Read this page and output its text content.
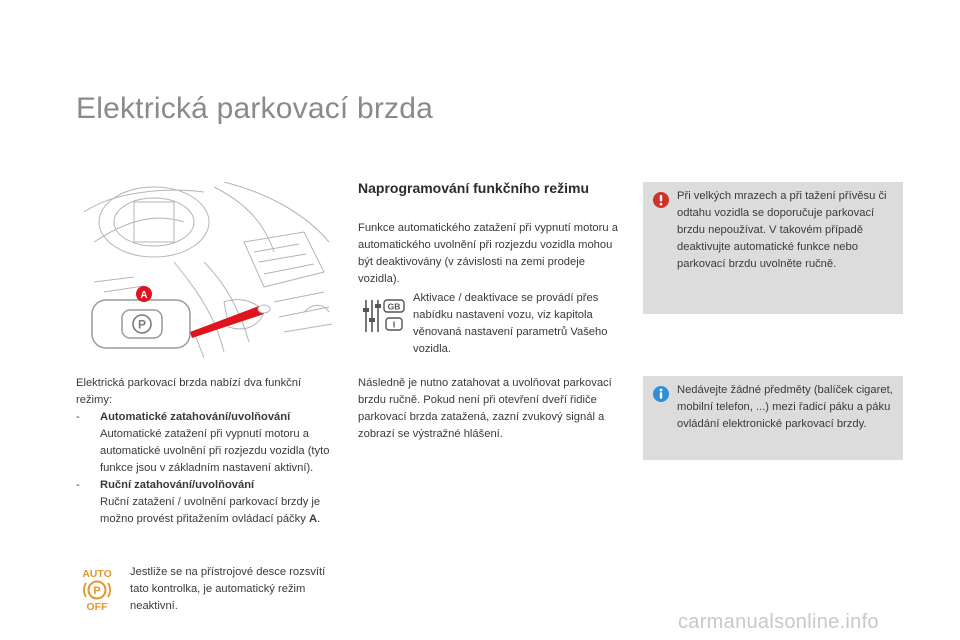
Elektrická parkovací brzda
P
A

Elektrická parkovací brzda nabízí dva funkční režimy:

-	Automatické zatahování/uvolňování
Automatické zatažení při vypnutí motoru a automatické uvolnění při rozjezdu vozidla (tyto funkce jsou v základním nastavení aktivní).
-	Ruční zatahování/uvolňování
Ruční zatažení / uvolnění parkovací brzdy je možno provést přitažením ovládací páčky A.
AUTO
P
OFF

Jestliže se na přístrojové desce rozsvítí tato kontrolka, je automatický režim neaktivní.

Naprogramování funkčního režimu

Funkce automatického zatažení při vypnutí motoru a automatického uvolnění při rozjezdu vozidla mohou být deaktivovány (v závislosti na zemi prodeje vozidla).

GB
I

Aktivace / deaktivace se provádí přes nabídku nastavení vozu, viz kapitola věnovaná nastavení parametrů Vašeho vozidla.

Následně je nutno zatahovat a uvolňovat parkovací brzdu ručně. Pokud není při otevření dveří řidiče parkovací brzda zatažená, zazní zvukový signál a zobrazí se výstražné hlášení.

Při velkých mrazech a při tažení přívěsu či odtahu vozidla se doporučuje parkovací brzdu nepoužívat. V takovém případě deaktivujte automatické funkce nebo parkovací brzdu uvolněte ručně.

Nedávejte žádné předměty (balíček cigaret, mobilní telefon, ...) mezi řadicí páku a páku ovládání elektronické parkovací brzdy.

carmanualsonline.info
